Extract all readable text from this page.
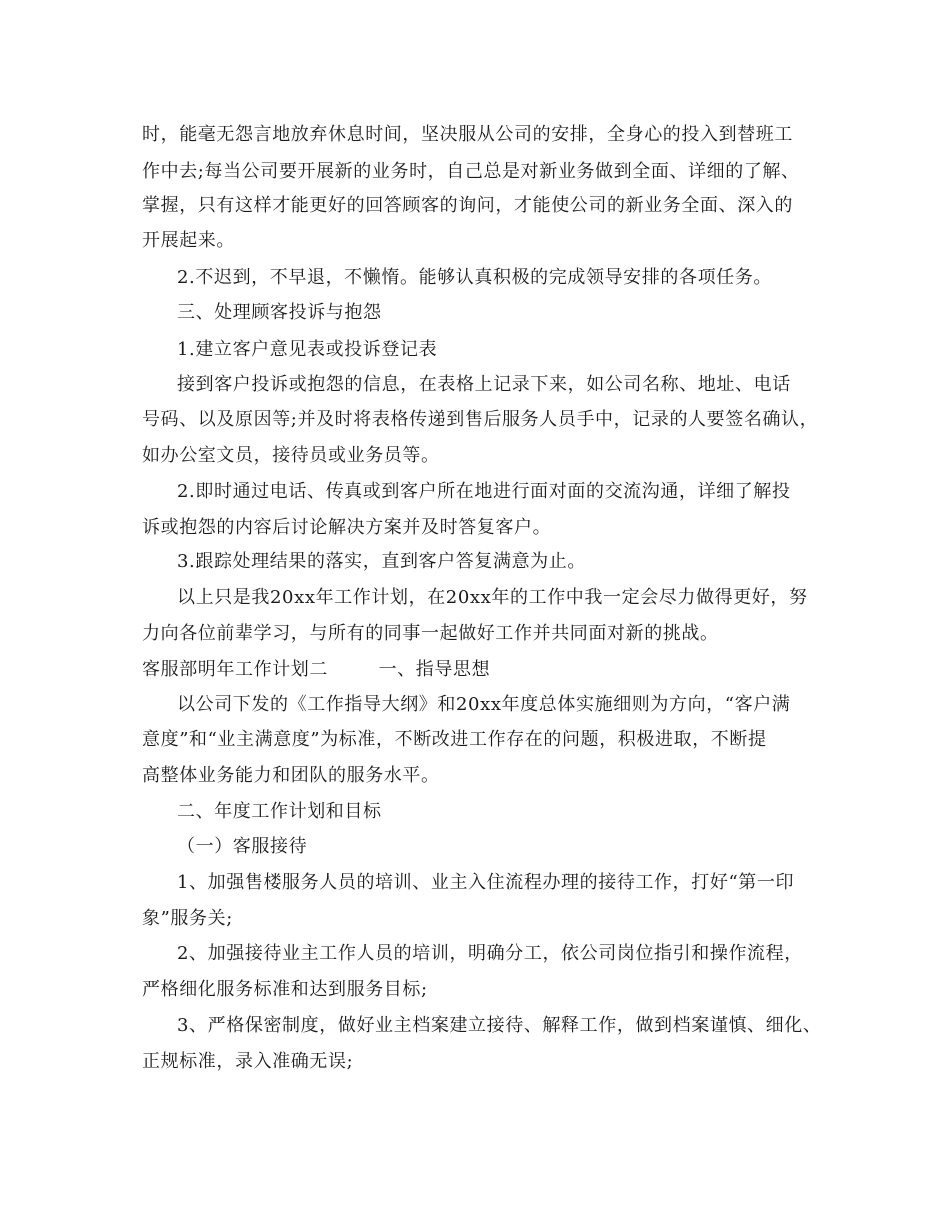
时，能毫无怨言地放弃休息时间，坚决服从公司的安排，全身心的投入到替班工
作中去;每当公司要开展新的业务时，自己总是对新业务做到全面、详细的了解、
掌握，只有这样才能更好的回答顾客的询问，才能使公司的新业务全面、深入的
开展起来。
2.不迟到，不早退，不懒惰。能够认真积极的完成领导安排的各项任务。
三、处理顾客投诉与抱怨
1.建立客户意见表或投诉登记表
接到客户投诉或抱怨的信息，在表格上记录下来，如公司名称、地址、电话
号码、以及原因等;并及时将表格传递到售后服务人员手中，记录的人要签名确认，
如办公室文员，接待员或业务员等。
2.即时通过电话、传真或到客户所在地进行面对面的交流沟通，详细了解投
诉或抱怨的内容后讨论解决方案并及时答复客户。
3.跟踪处理结果的落实，直到客户答复满意为止。
以上只是我20xx年工作计划，在20xx年的工作中我一定会尽力做得更好，努
力向各位前辈学习，与所有的同事一起做好工作并共同面对新的挑战。
客服部明年工作计划二        一、指导思想
以公司下发的《工作指导大纲》和20xx年度总体实施细则为方向，“客户满
意度”和“业主满意度”为标准，不断改进工作存在的问题，积极进取，不断提
高整体业务能力和团队的服务水平。
二、年度工作计划和目标
（一）客服接待
1、加强售楼服务人员的培训、业主入住流程办理的接待工作，打好“第一印
象”服务关;
2、加强接待业主工作人员的培训，明确分工，依公司岗位指引和操作流程，
严格细化服务标准和达到服务目标;
3、严格保密制度，做好业主档案建立接待、解释工作，做到档案谨慎、细化、
正规标准，录入准确无误;
